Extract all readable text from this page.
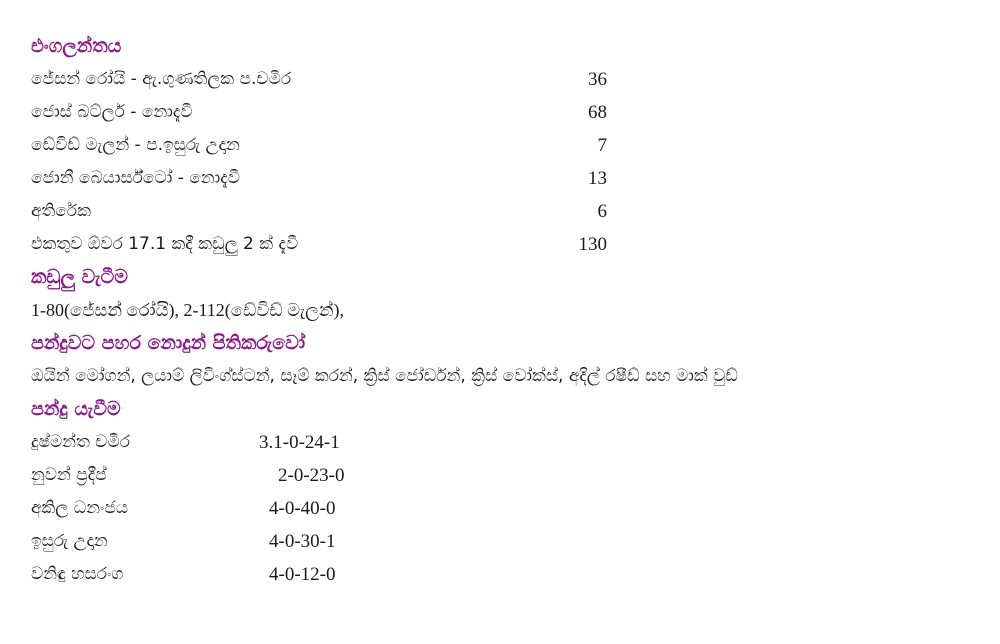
එංගලන්තය
ජේසන් රෝයි - ඇ.ගුණතිලක ප.චමීර	36
ජොස් බට්ලර් - නොදැවී	68
ඩේවිඩ් මැලන් - ප.ඉසුරු උදාන	7
ජොනී බෙයාර්ස්ටෝ - නොදැවී	13
අතිරේක	6
එකතුව ඕවර 17.1 කදී කඩුලු 2 ක් දැවී	130
කඩුලු වැටීම
1-80(ජේසන් රෝයි), 2-112(ඩේවිඩ් මැලන්),
පන්දුවට පහර නොදුන් පිතිකරුවෝ
ඔයින් මෝගන්, ලයාම් ලිවිංග්ස්ටන්, සෑම් කරන්, ක්‍රිස් ජෝර්ඩන්, ක්‍රිස් වෝක්ස්, අදිල් රෂීඩ් සහ මාක් වුඩ්
පන්දු යැවීම
දුෂ්මන්ත චමීර	3.1-0-24-1
නුවන් ප්‍රදීප්	2-0-23-0
අකිල ධනංජය	4-0-40-0
ඉසුරු උදාන	4-0-30-1
වනිඳු හසරංග	4-0-12-0
